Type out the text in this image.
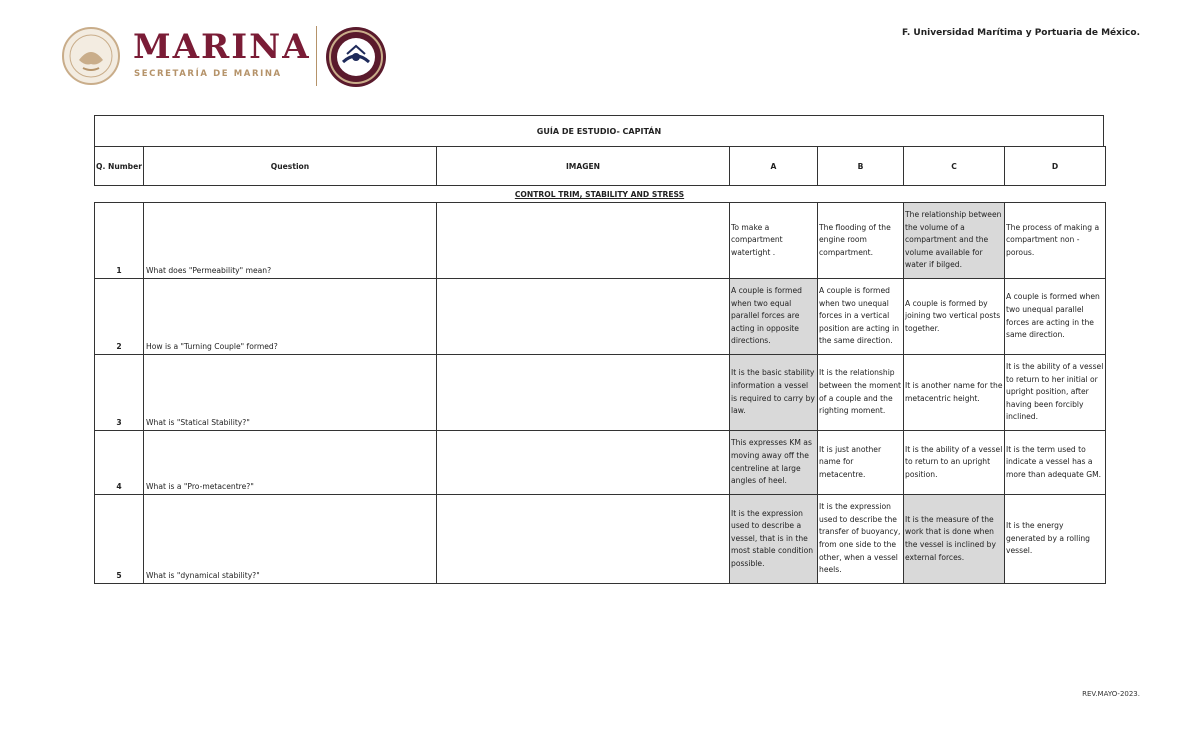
MARINA
SECRETARÍA DE MARINA
F. Universidad Marítima y Portuaria de México.
GUÍA DE ESTUDIO- CAPITÁN
Q. Number	Question	IMAGEN	A	B	C	D
CONTROL TRIM, STABILITY AND STRESS
1	What does "Permeability" mean?		To make a compartment watertight .	The flooding of the engine room compartment.	The relationship between the volume of a compartment and the volume available for water if bilged.	The process of making a compartment non - porous.
2	How is a "Turning Couple" formed?		A couple is formed when two equal parallel forces are acting in opposite directions.	A couple is formed when two unequal forces in a vertical position are acting in the same direction.	A couple is formed by joining two vertical posts together.	A couple is formed when two unequal parallel forces are acting in the same direction.
3	What is "Statical Stability?"		It is the basic stability information a vessel is required to carry by law.	It is the relationship between the moment of a couple and the righting moment.	It is another name for the metacentric height.	It is the ability of a vessel to return to her initial or upright position, after having been forcibly inclined.
4	What is a "Pro-metacentre?"		This expresses KM as moving away off the centreline at large angles of heel.	It is just another name for metacentre.	It is the ability of a vessel to return to an upright position.	It is the term used to indicate a vessel has a more than adequate GM.
5	What is "dynamical stability?"		It is the expression used to describe a vessel, that is in the most stable condition possible.	It is the expression used to describe the transfer of buoyancy, from one side to the other, when a vessel heels.	It is the measure of the work that is done when the vessel is inclined by external forces.	It is the energy generated by a rolling vessel.
REV.MAYO-2023.
